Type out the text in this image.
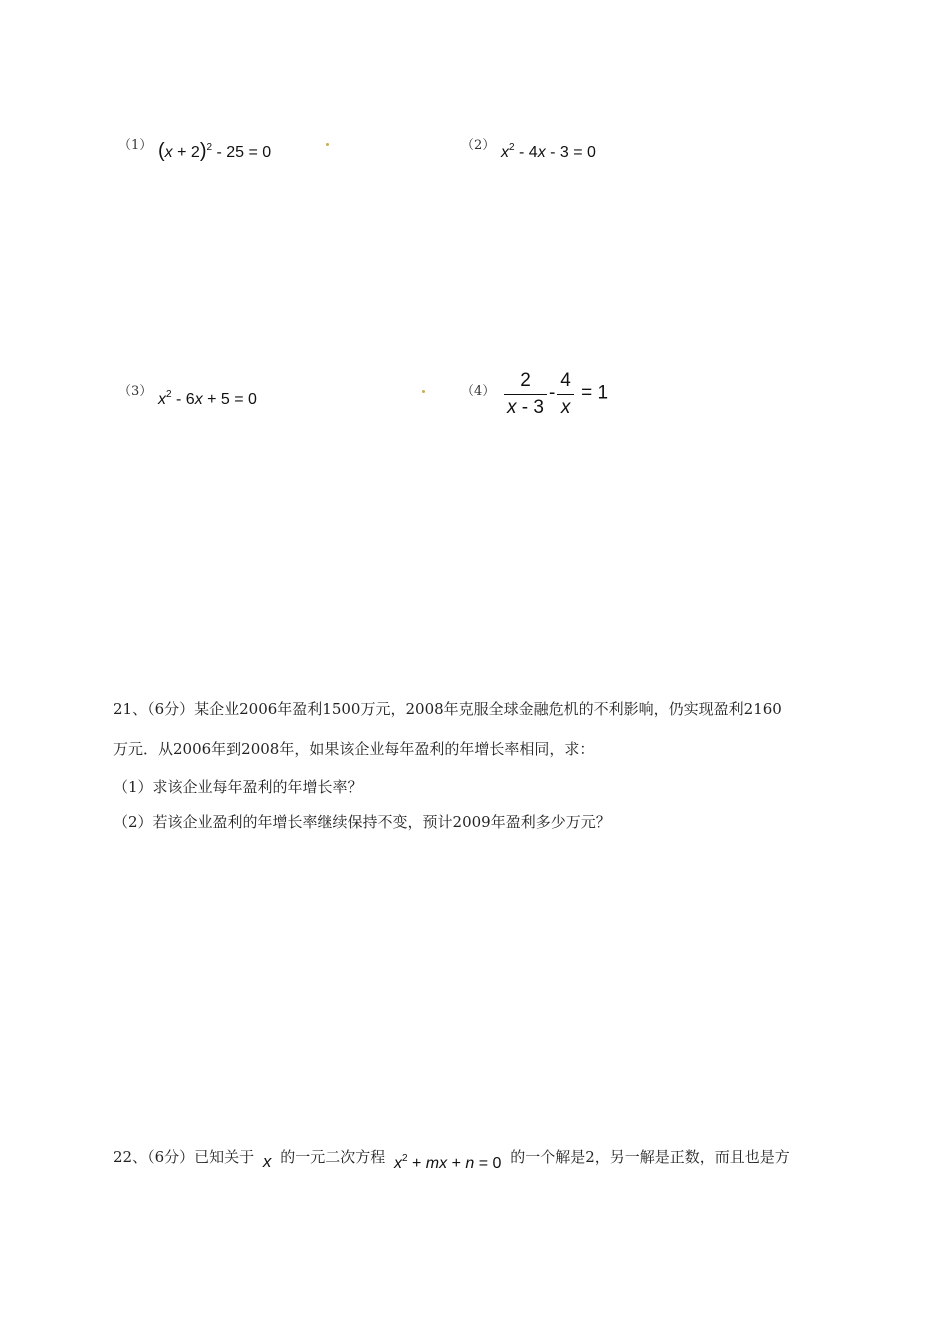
（1） $(x + 2)^2 - 25 = 0$	（2） $x^2 - 4x - 3 = 0$
（3） $x^2 - 6x + 5 = 0$	$(4) \frac{2}{x - 3} - \frac{4}{x} = 1$
21、（6分）某企业2006年盈利1500万元，2008年克服全球金融危机的不利影响，仍实现盈利2160
万元．从2006年到2008年，如果该企业每年盈利的年增长率相同，求：
（1）求该企业每年盈利的年增长率？
（2）若该企业盈利的年增长率继续保持不变，预计2009年盈利多少万元？
22、（6分）已知关于 x 的一元二次方程 $x^2$ + mx + n = 0 的一个解是2，另一解是正数，而且也是方
